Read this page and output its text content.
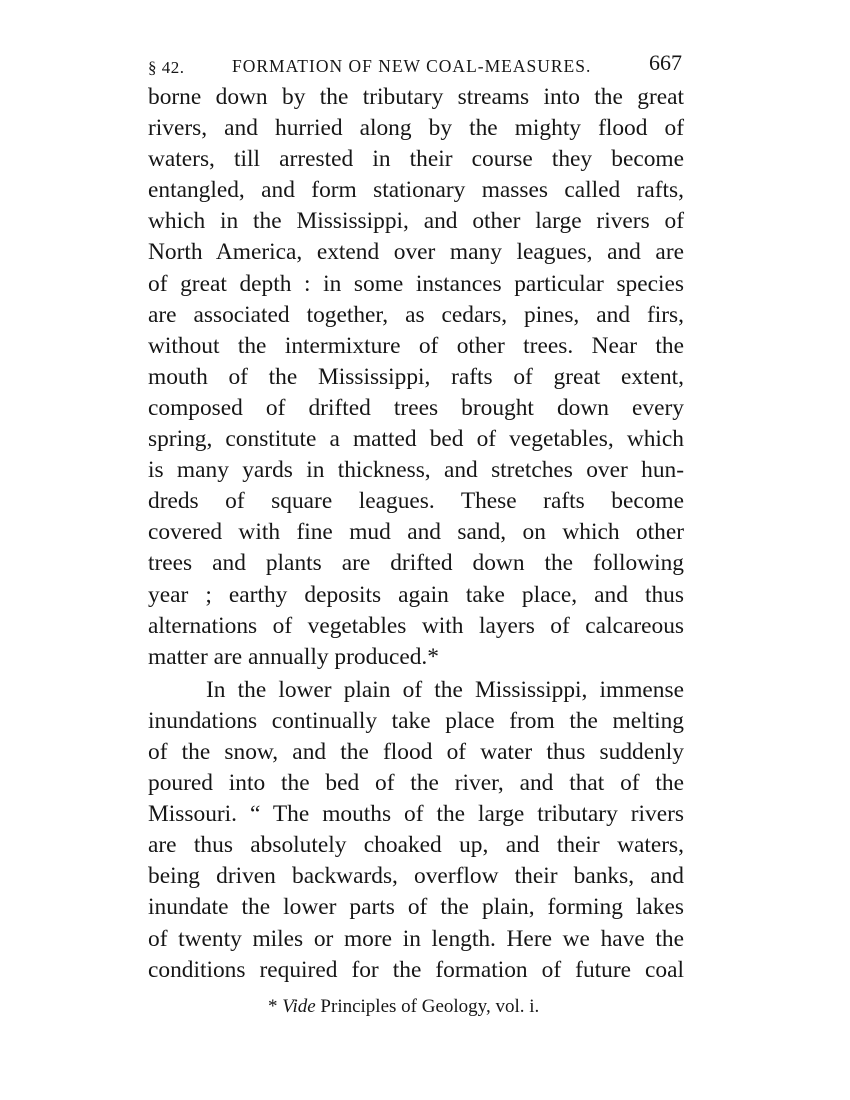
§ 42.	FORMATION OF NEW COAL-MEASURES.	667
borne down by the tributary streams into the great
rivers, and hurried along by the mighty flood of
waters, till arrested in their course they become
entangled, and form stationary masses called rafts,
which in the Mississippi, and other large rivers of
North America, extend over many leagues, and are
of great depth : in some instances particular species
are associated together, as cedars, pines, and firs,
without the intermixture of other trees. Near the
mouth of the Mississippi, rafts of great extent,
composed of drifted trees brought down every
spring, constitute a matted bed of vegetables, which
is many yards in thickness, and stretches over hun-
dreds of square leagues. These rafts become
covered with fine mud and sand, on which other
trees and plants are drifted down the following
year ; earthy deposits again take place, and thus
alternations of vegetables with layers of calcareous
matter are annually produced.*
In the lower plain of the Mississippi, immense
inundations continually take place from the melting
of the snow, and the flood of water thus suddenly
poured into the bed of the river, and that of the
Missouri. “ The mouths of the large tributary rivers
are thus absolutely choaked up, and their waters,
being driven backwards, overflow their banks, and
inundate the lower parts of the plain, forming lakes
of twenty miles or more in length. Here we have the
conditions required for the formation of future coal
* Vide Principles of Geology, vol. i.
